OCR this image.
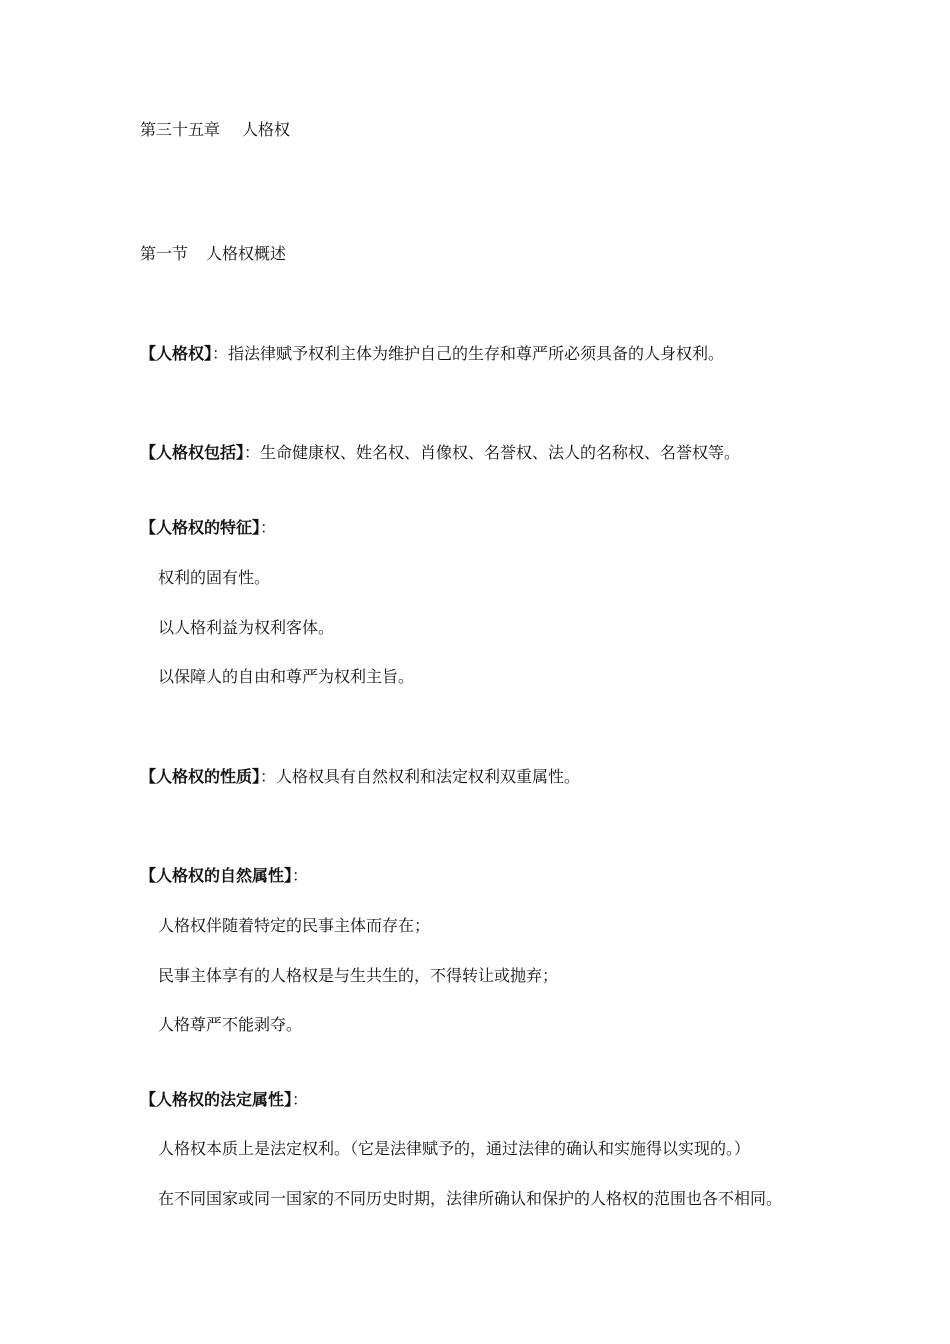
第三十五章 人格权
第一节 人格权概述
【人格权】：指法律赋予权利主体为维护自己的生存和尊严所必须具备的人身权利。
【人格权包括】：生命健康权、姓名权、肖像权、名誉权、法人的名称权、名誉权等。
【人格权的特征】：
权利的固有性。
以人格利益为权利客体。
以保障人的自由和尊严为权利主旨。
【人格权的性质】：人格权具有自然权利和法定权利双重属性。
【人格权的自然属性】：
人格权伴随着特定的民事主体而存在；
民事主体享有的人格权是与生共生的，不得转让或抛弃；
人格尊严不能剥夺。
【人格权的法定属性】：
人格权本质上是法定权利。（它是法律赋予的，通过法律的确认和实施得以实现的。）
在不同国家或同一国家的不同历史时期，法律所确认和保护的人格权的范围也各不相同。
